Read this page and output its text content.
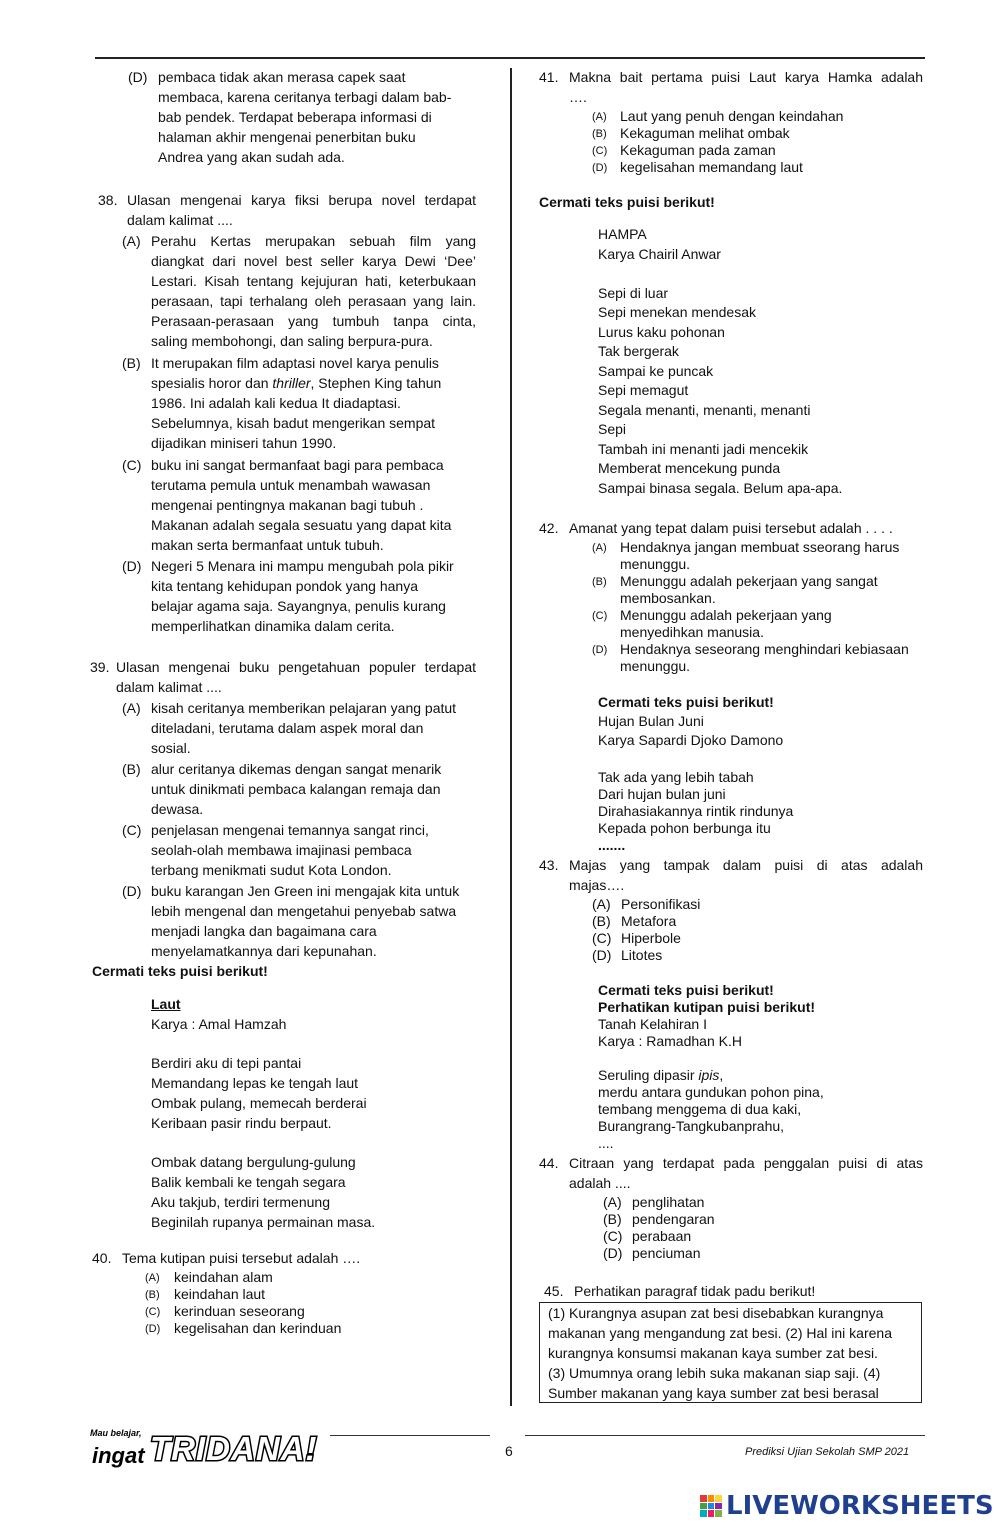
(D) pembaca tidak akan merasa capek saat
membaca, karena ceritanya terbagi dalam bab-
bab pendek. Terdapat beberapa informasi di
halaman akhir mengenai penerbitan buku
Andrea yang akan sudah ada.
38. Ulasan mengenai karya fiksi berupa novel terdapat
dalam kalimat ....
(A) Perahu Kertas merupakan sebuah film yang
diangkat dari novel best seller karya Dewi ‘Dee’
Lestari. Kisah tentang kejujuran hati, keterbukaan
perasaan, tapi terhalang oleh perasaan yang lain.
Perasaan-perasaan yang tumbuh tanpa cinta,
saling membohongi, dan saling berpura-pura.
(B) It merupakan film adaptasi novel karya penulis
spesialis horor dan thriller, Stephen King tahun
1986. Ini adalah kali kedua It diadaptasi.
Sebelumnya, kisah badut mengerikan sempat
dijadikan miniseri tahun 1990.
(C) buku ini sangat bermanfaat bagi para pembaca
terutama pemula untuk menambah wawasan
mengenai pentingnya makanan bagi tubuh .
Makanan adalah segala sesuatu yang dapat kita
makan serta bermanfaat untuk tubuh.
(D) Negeri 5 Menara ini mampu mengubah pola pikir
kita tentang kehidupan pondok yang hanya
belajar agama saja. Sayangnya, penulis kurang
memperlihatkan dinamika dalam cerita.
39. Ulasan mengenai buku pengetahuan populer terdapat
dalam kalimat ....
(A) kisah ceritanya memberikan pelajaran yang patut
diteladani, terutama dalam aspek moral dan
sosial.
(B) alur ceritanya dikemas dengan sangat menarik
untuk dinikmati pembaca kalangan remaja dan
dewasa.
(C) penjelasan mengenai temannya sangat rinci,
seolah-olah membawa imajinasi pembaca
terbang menikmati sudut Kota London.
(D) buku karangan Jen Green ini mengajak kita untuk
lebih mengenal dan mengetahui penyebab satwa
menjadi langka dan bagaimana cara
menyelamatkannya dari kepunahan.
Cermati teks puisi berikut!
Laut
Karya : Amal Hamzah
Berdiri aku di tepi pantai
Memandang lepas ke tengah laut
Ombak pulang, memecah berderai
Keribaan pasir rindu berpaut.
Ombak datang bergulung-gulung
Balik kembali ke tengah segara
Aku takjub, terdiri termenung
Beginilah rupanya permainan masa.
40. Tema kutipan puisi tersebut adalah ….
(A) keindahan alam
(B) keindahan laut
(C) kerinduan seseorang
(D) kegelisahan dan kerinduan
41. Makna bait pertama puisi Laut karya Hamka adalah
….
(A) Laut yang penuh dengan keindahan
(B) Kekaguman melihat ombak
(C) Kekaguman pada zaman
(D) kegelisahan memandang laut
Cermati teks puisi berikut!
HAMPA
Karya Chairil Anwar
Sepi di luar
Sepi menekan mendesak
Lurus kaku pohonan
Tak bergerak
Sampai ke puncak
Sepi memagut
Segala menanti, menanti, menanti
Sepi
Tambah ini menanti jadi mencekik
Memberat mencekung punda
Sampai binasa segala. Belum apa-apa.
42. Amanat yang tepat dalam puisi tersebut adalah . . . .
(A) Hendaknya jangan membuat sseorang harus
menunggu.
(B) Menunggu adalah pekerjaan yang sangat
membosankan.
(C) Menunggu adalah pekerjaan yang
menyedihkan manusia.
(D) Hendaknya seseorang menghindari kebiasaan
menunggu.
Cermati teks puisi berikut!
Hujan Bulan Juni
Karya Sapardi Djoko Damono
Tak ada yang lebih tabah
Dari hujan bulan juni
Dirahasiakannya rintik rindunya
Kepada pohon berbunga itu
.......
43. Majas yang tampak dalam puisi di atas adalah
majas….
(A) Personifikasi
(B) Metafora
(C) Hiperbole
(D) Litotes
Cermati teks puisi berikut!
Perhatikan kutipan puisi berikut!
Tanah Kelahiran I
Karya : Ramadhan K.H
Seruling dipasir ipis,
merdu antara gundukan pohon pina,
tembang menggema di dua kaki,
Burangrang-Tangkubanprahu,
....
44. Citraan yang terdapat pada penggalan puisi di atas
adalah ....
(A) penglihatan
(B) pendengaran
(C) perabaan
(D) penciuman
45. Perhatikan paragraf tidak padu berikut!
(1) Kurangnya asupan zat besi disebabkan kurangnya
makanan yang mengandung zat besi. (2) Hal ini karena
kurangnya konsumsi makanan kaya sumber zat besi.
(3) Umumnya orang lebih suka makanan siap saji. (4)
Sumber makanan yang kaya sumber zat besi berasal
Mau belajar,
ingat TRIDANA!	6	Prediksi Ujian Sekolah SMP 2021
LIVEWORKSHEETS
